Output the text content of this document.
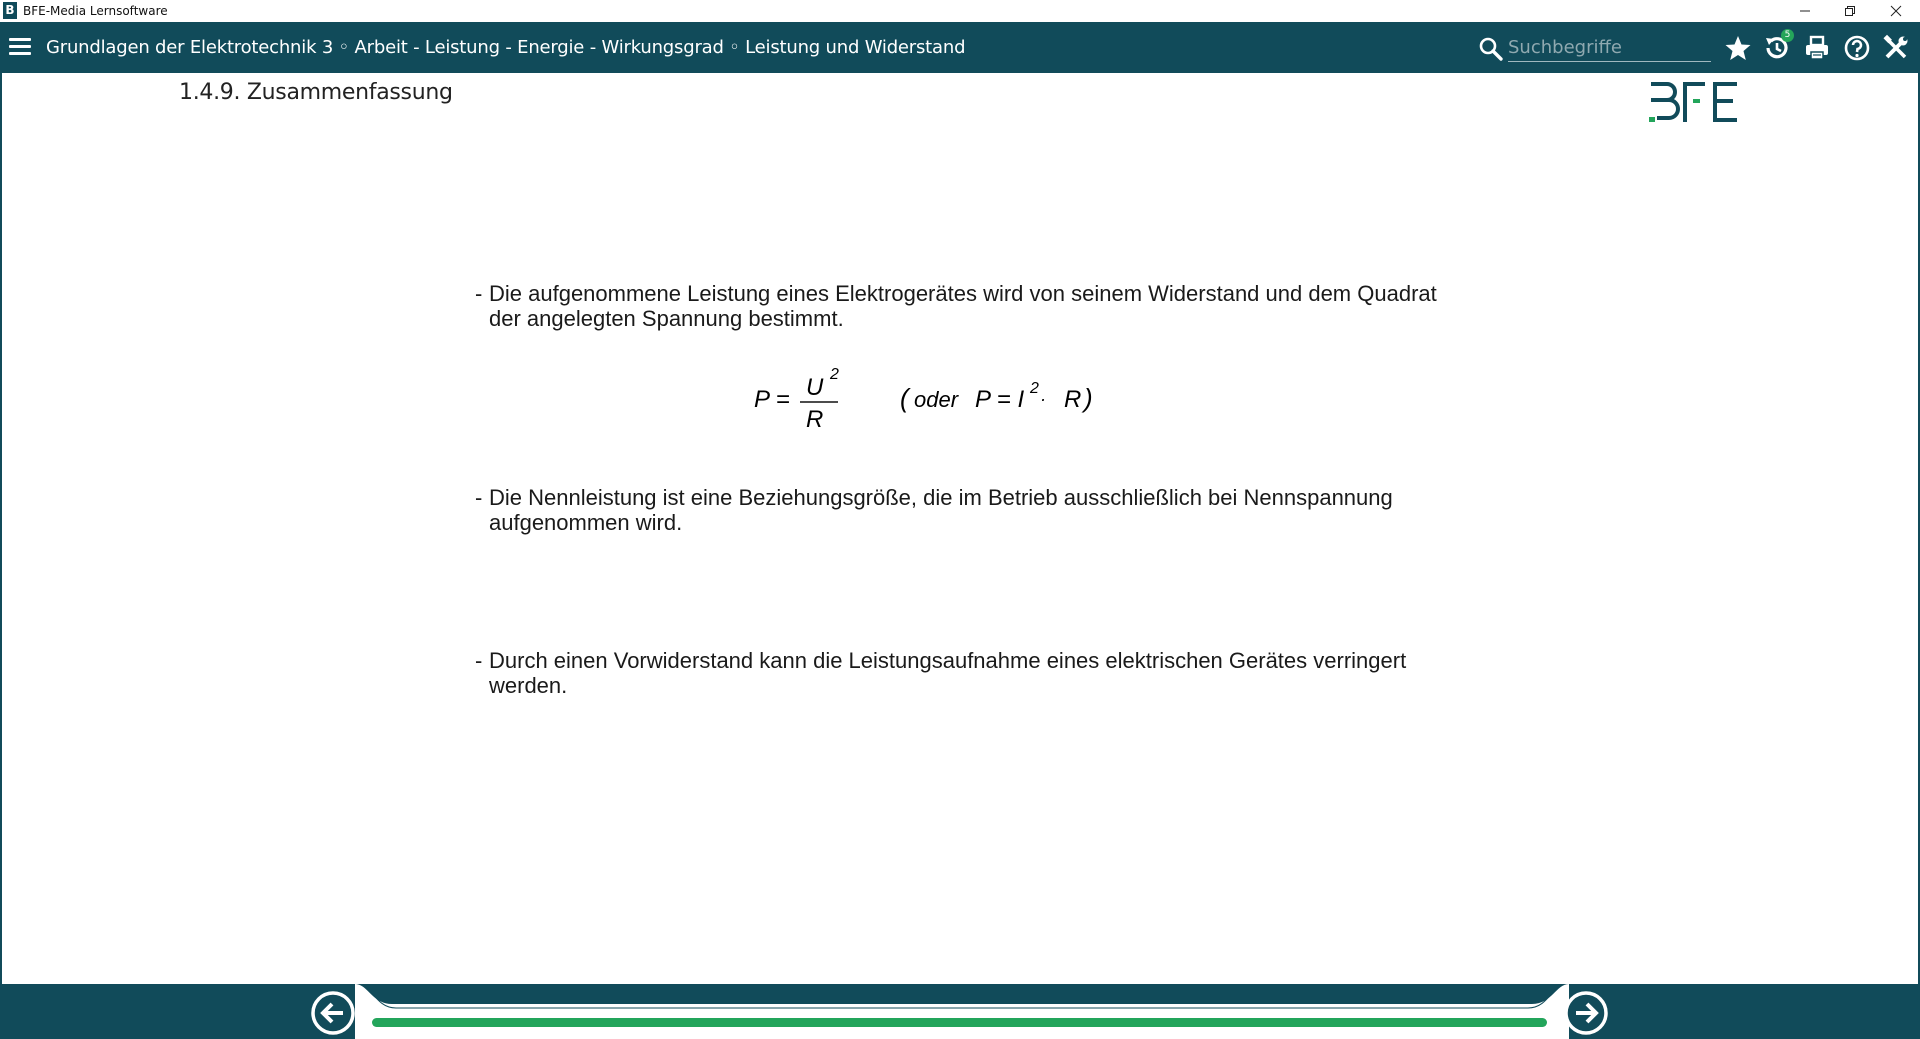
B BFE-Media Lernsoftware
Grundlagen der Elektrotechnik 3 ◦ Arbeit - Leistung - Energie - Wirkungsgrad ◦ Leistung und Widerstand
Suchbegriffe
5
1.4.9. Zusammenfassung
- Die aufgenommene Leistung eines Elektrogerätes wird von seinem Widerstand und dem Quadrat
der angelegten Spannung bestimmt.
P = U 2
R
( oder P = I 2
· R )
- Die Nennleistung ist eine Beziehungsgröße, die im Betrieb ausschließlich bei Nennspannung
aufgenommen wird.
- Durch einen Vorwiderstand kann die Leistungsaufnahme eines elektrischen Gerätes verringert
werden.
